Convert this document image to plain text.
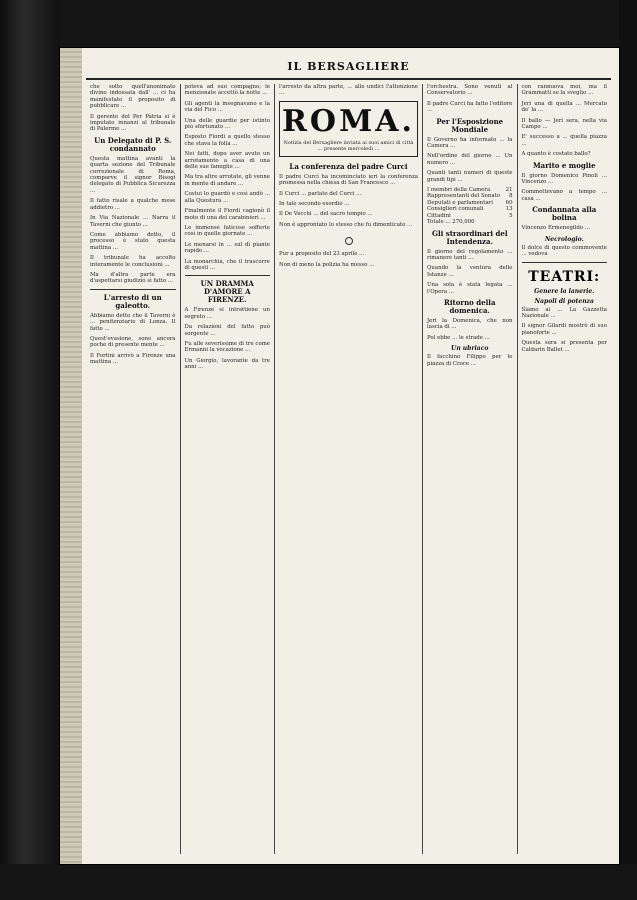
IL BERSAGLIERE

che sotto quell'anonimato divino indossata dall' ... ci ha manifestato il proposito di pubblicare ...

Il gerente del Per Patria si è imputato innanzi al tribunale di Palermo ...

Un Delegato di P. S. condannato

Questa mattina avanti la quarta sezione del Tribunale correzionale di Roma, comparve il signor Bisogi delegato di Pubblica Sicurezza ...

Il fatto risale a qualche mese addietro ...

In Via Nazionale ... Narra il Taverni che giunto ...

Come abbiamo detto, il processo è stato questa mattina ...

Il tribunale ha accolto interamente le conclusioni ...

Ma d'altra parte era d'aspettarsi giudizio sì fatto ...

L'arresto di un galeotto.

Abbiamo detto che il Taverni è ... penitenziario di Lonza. Il fatto ...

Quest'evasione, sono ancora poche di presente mente ...

Il Fortini arrivò a Firenze una mattina ...

poteva ad suo compagno; le menzionate accettò la notte ...

Gli agenti la insegnavano e la via del Fico ...

Una delle guardie per istinto più sfortunato ...

Esposto Fiordi a quello stesso che stava la folla ...

Nei fatti, dopo aver avuto un arrotamento a casa di una delle sue famiglie ...

Ma tra altre arrotate, gli venne in mente di andare ...

Costui lo guardò e così andò ... alla Questura ...

Finalmente il Fiordi cagionò il moto di una dei carabinieri ...

Le immense faticose sofferte così in quelle giornate ...

Le menarsi in ... sul dì piante rapido ...

La monarchia, che il trascorre di questi ...

UN DRAMMA D'AMORE A FIRENZE.

A Firenze si intrattiene un segreto ...

Da relazioni del fatto può sorgente ...

Fu alle severissime di tre come Ermanni la vocazione ...

Un Giorgio, lavorante da tre anni ...

l'arresto da altra parte, ... alle undici l'attenzione ...

ROMA.
Notizia del Bersagliere inviata ai suoi amici di città ... presente mercoledì ...
La conferenza del padre Curci

Il padre Curci ha incominciato ieri la conferenza promessa nella chiesa di San Francesco ...

Il Curci ... parlato del Curci ...

In tale secondo esordio ...

Il De Vecchi ... del sacro tempio ...

Non è approntato lo stesso che fu dimenticato ...

Pur a proposito del 23 aprile ...

Non di meno la polizia ha messo ...

l'orchestra. Sono venuti al Conservatorio ...

Il padre Curci ha fatto l'editore ...

Per l'Esposizione Mondiale

Il Governo ha informato ... la Camera ...

Nell'ordine del giorno ... Un numero ...

Quanti tanti numeri di queste grandi tipi ...

I membri della Camera	21
Rappresentanti del Senato 8
Deputati e parlamentari 60
Consiglieri comunali	13
Cittadini	5

Totale ... 270,000

Gli straordinari del Intendenza.

Il giorno del regolamento ... rimanere tanti ...

Quando la ventura delle Istanze ...

Una sola è stata legata ... l'Opera ...

Ritorno della domenica.

Jeri la Domenica, che non lascia di ...

Pol ebbe ... le strade ...

Un ubriaco

Il facchino Filippo per le piazza di Croce ...

con rannuova moi, ma il Grammatti se la sveglio ...

Jeri una di quella ... Mercato de' la ...

Il ballo — Jeri sera, nella via Campo ...

E' successo a ... quella piazza ...

A quanto è costato ballo?

Marito e moglie

Il giorno Domenico Pinoli ... Vincenzo ...

Commettevano a tempo ... casa ...

Condannata alla bolina

Vincenzo Ermenegildo ...

Necrologio.

Il dolce di questo commovente ... vedova

TEATRI:
Genere la lanerie.
Napoli di potenza

Siamo ai ... La Gazzetta Nazionale ...

Il signor Gilardi mostrò di suo pianoforte ...

Questa sera si presenta per Caldarin Ballet ...
